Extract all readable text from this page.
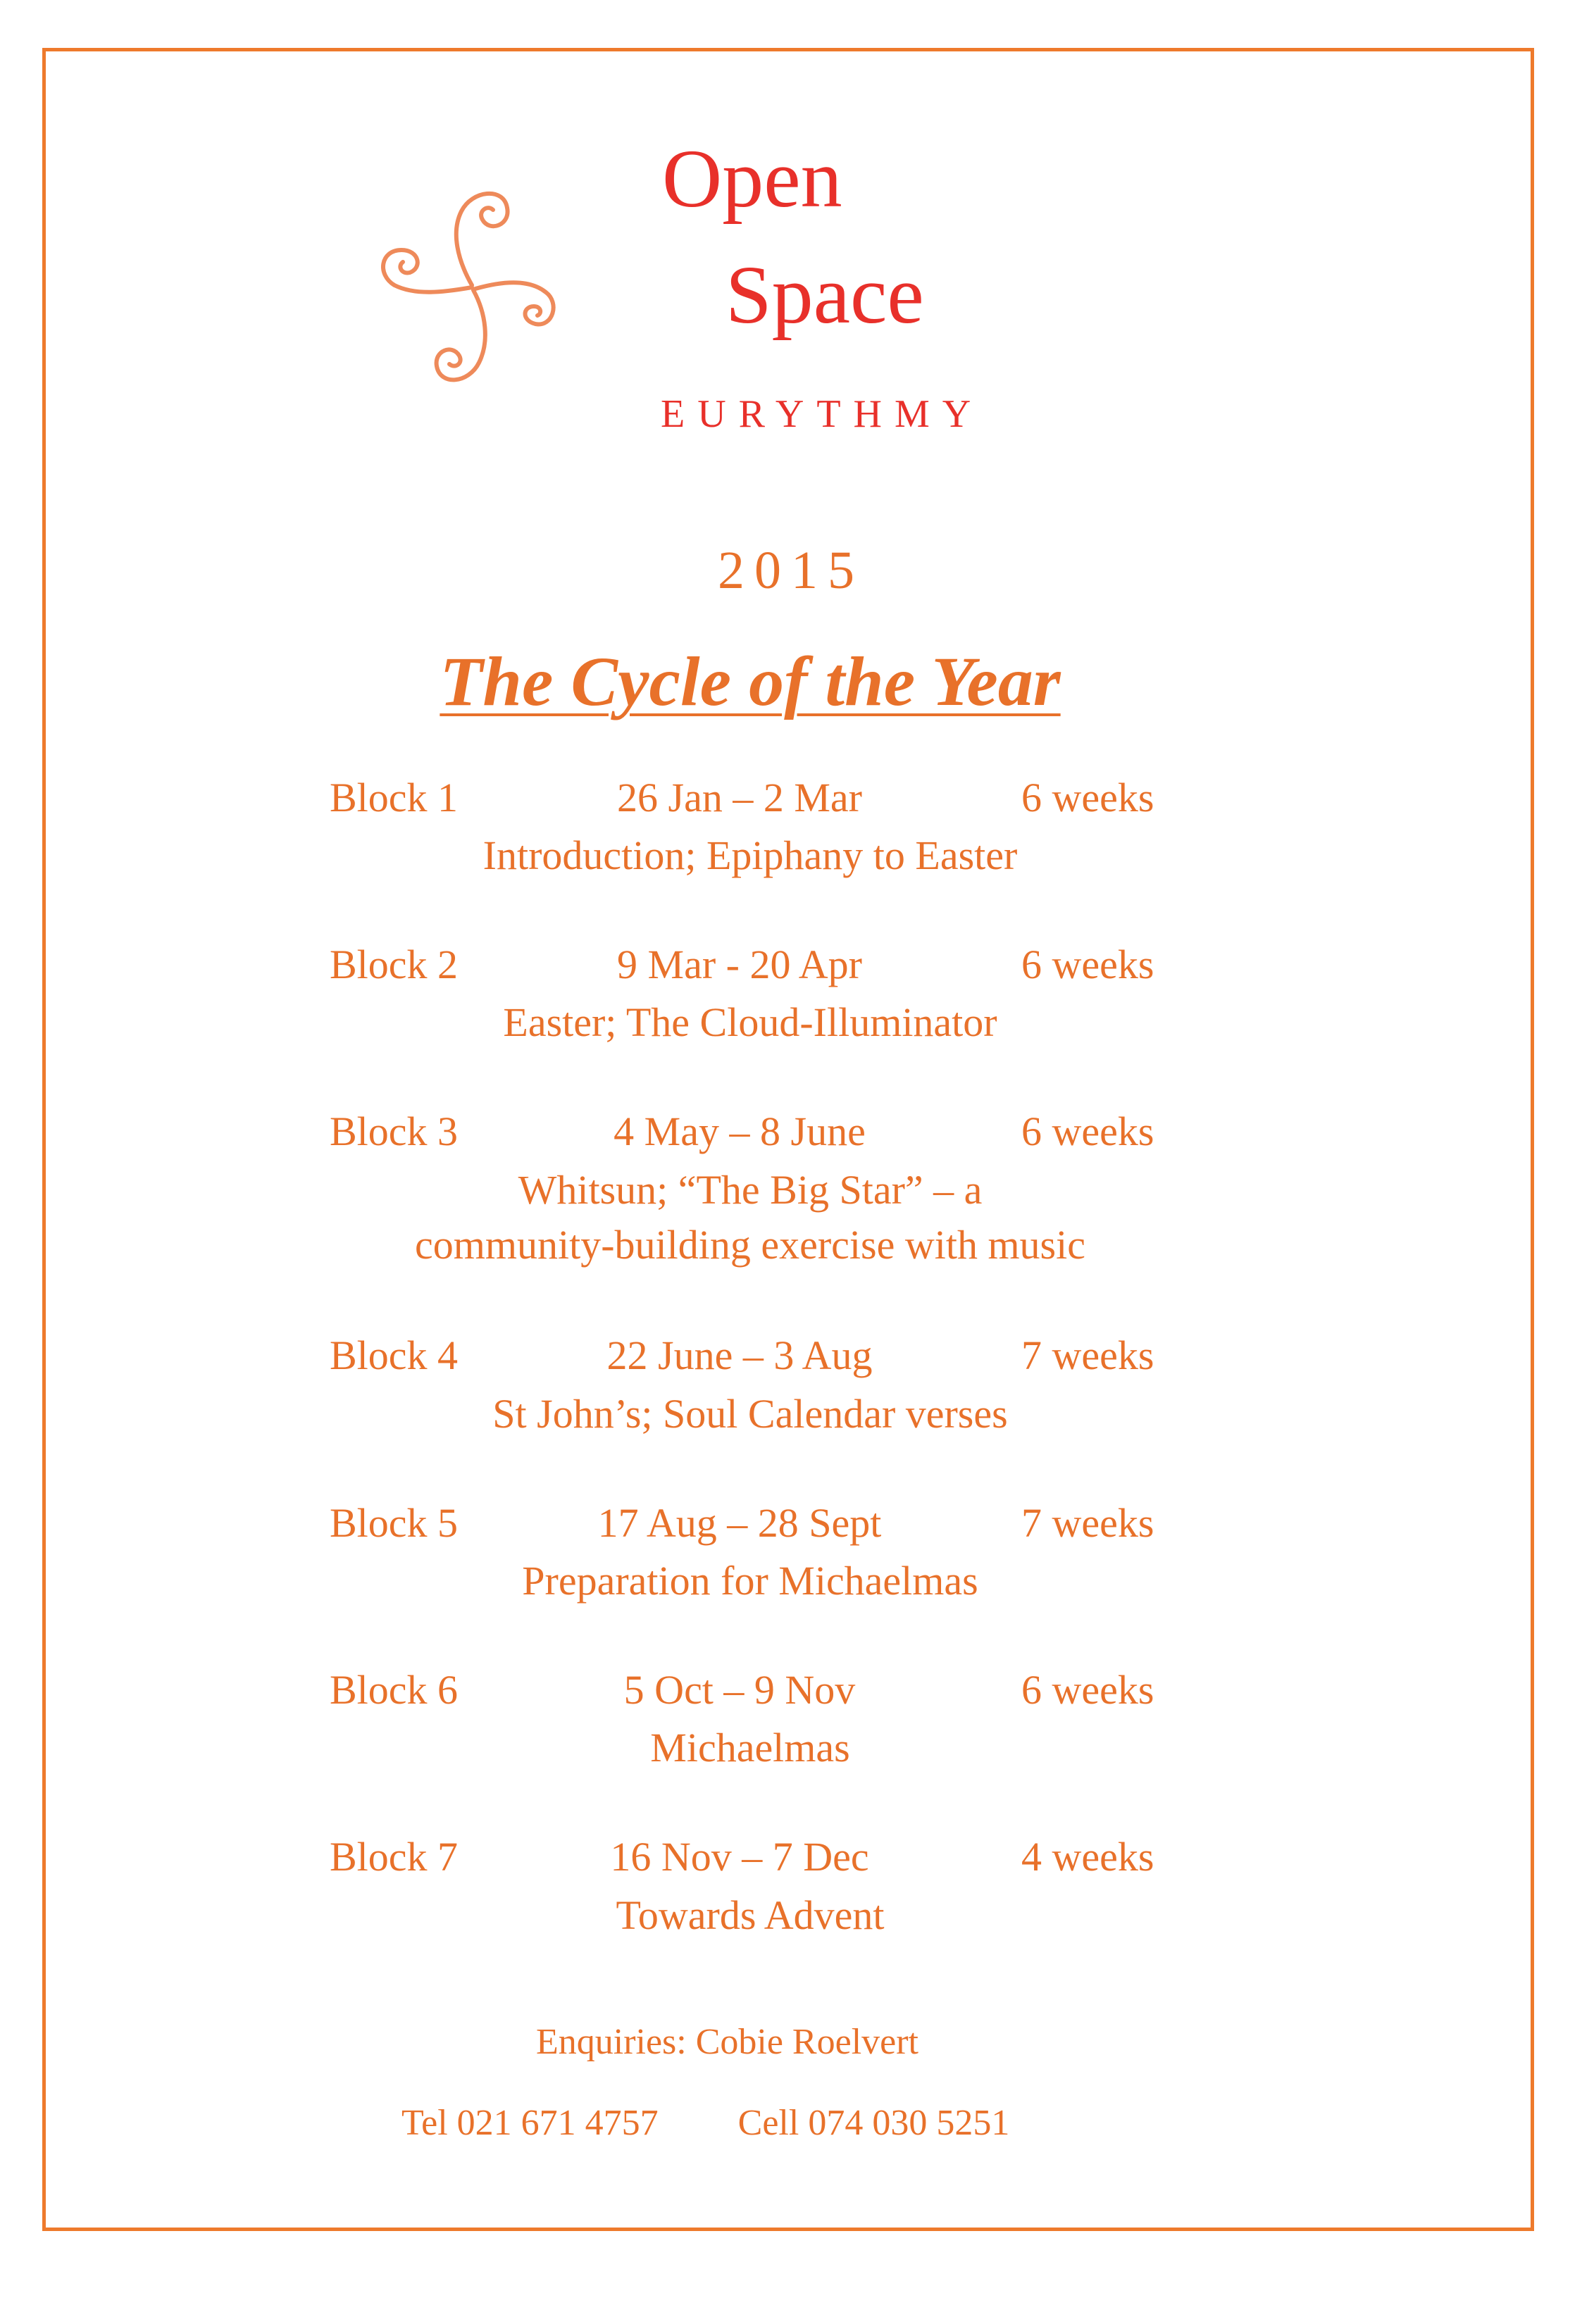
Open
Space
EURYTHMY
2015
The Cycle of the Year
Block 1	26 Jan – 2 Mar	6 weeks
Introduction; Epiphany to Easter
Block 2	9 Mar - 20 Apr	6 weeks
Easter; The Cloud-Illuminator
Block 3	4 May – 8 June	6 weeks
Whitsun; “The Big Star” – a
community-building exercise with music
Block 4	22 June – 3 Aug	7 weeks
St John’s; Soul Calendar verses
Block 5	17 Aug – 28 Sept	7 weeks
Preparation for Michaelmas
Block 6	5 Oct – 9 Nov	6 weeks
Michaelmas
Block 7	16 Nov – 7 Dec	4 weeks
Towards Advent
Enquiries: Cobie Roelvert
Tel 021 671 4757 Cell 074 030 5251
